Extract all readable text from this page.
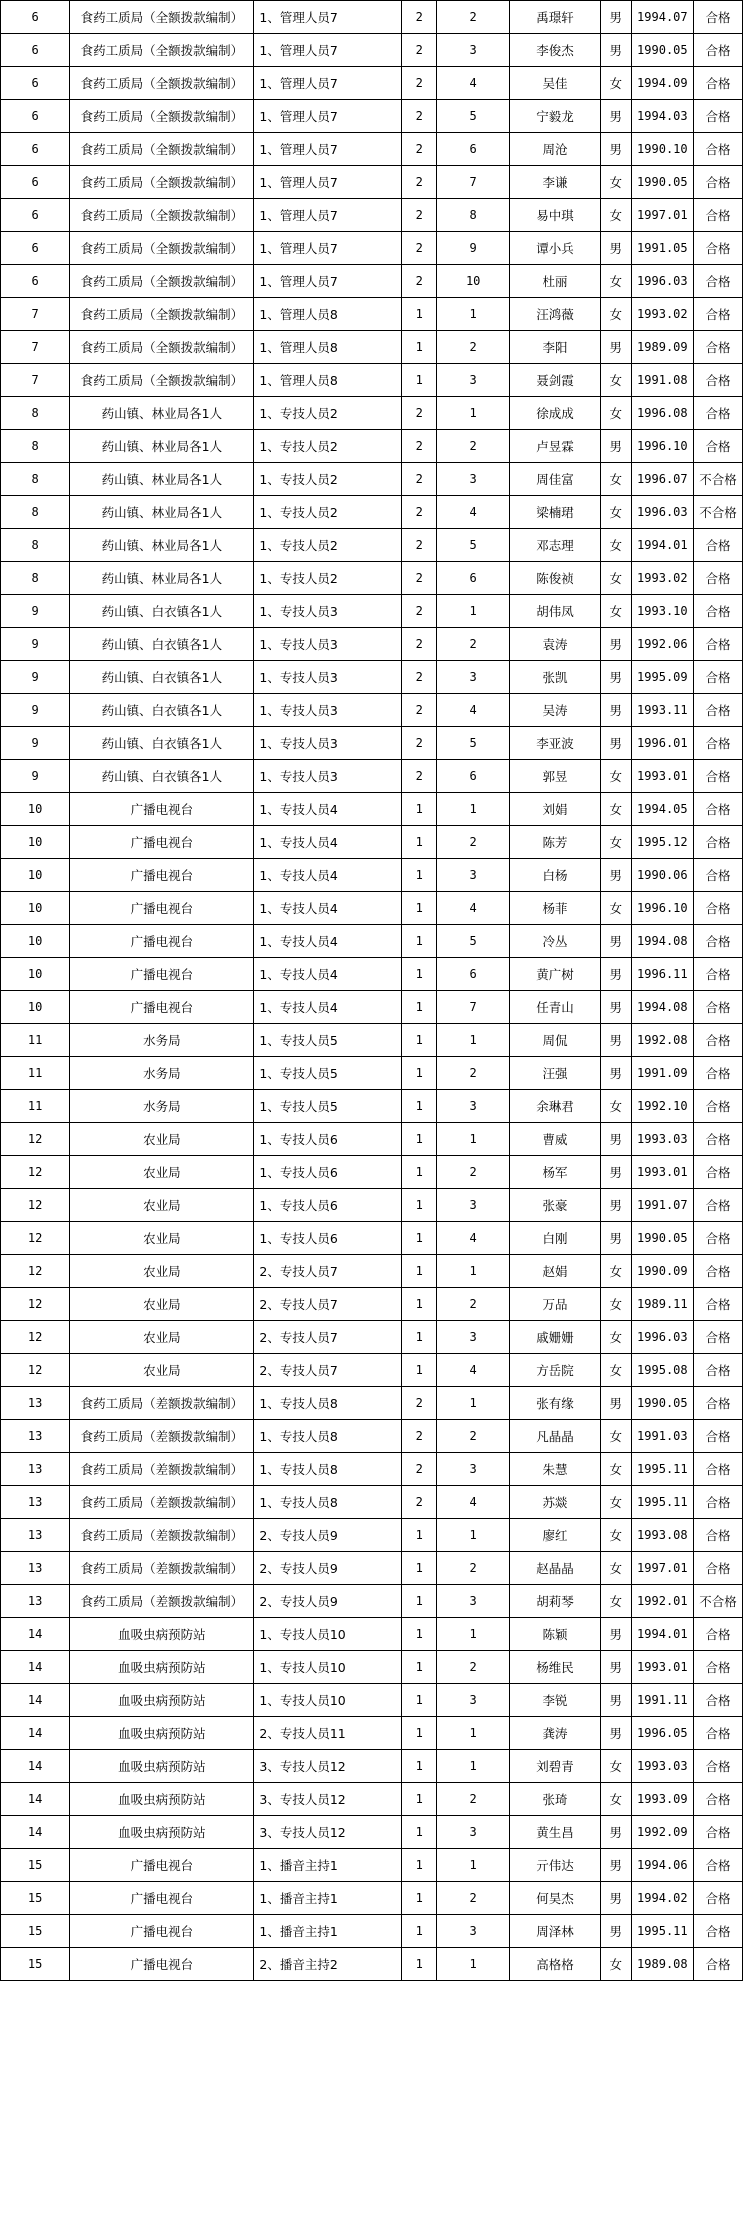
6	食药工质局（全额拨款编制）	1、管理人员7	2	2	禹璟轩	男	1994.07	合格
6	食药工质局（全额拨款编制）	1、管理人员7	2	3	李俊杰	男	1990.05	合格
6	食药工质局（全额拨款编制）	1、管理人员7	2	4	吴佳	女	1994.09	合格
6	食药工质局（全额拨款编制）	1、管理人员7	2	5	宁毅龙	男	1994.03	合格
6	食药工质局（全额拨款编制）	1、管理人员7	2	6	周沧	男	1990.10	合格
6	食药工质局（全额拨款编制）	1、管理人员7	2	7	李谦	女	1990.05	合格
6	食药工质局（全额拨款编制）	1、管理人员7	2	8	易中琪	女	1997.01	合格
6	食药工质局（全额拨款编制）	1、管理人员7	2	9	谭小兵	男	1991.05	合格
6	食药工质局（全额拨款编制）	1、管理人员7	2	10	杜丽	女	1996.03	合格
7	食药工质局（全额拨款编制）	1、管理人员8	1	1	汪鸿薇	女	1993.02	合格
7	食药工质局（全额拨款编制）	1、管理人员8	1	2	李阳	男	1989.09	合格
7	食药工质局（全额拨款编制）	1、管理人员8	1	3	聂剑霞	女	1991.08	合格
8	药山镇、林业局各1人	1、专技人员2	2	1	徐成成	女	1996.08	合格
8	药山镇、林业局各1人	1、专技人员2	2	2	卢昱霖	男	1996.10	合格
8	药山镇、林业局各1人	1、专技人员2	2	3	周佳富	女	1996.07	不合格
8	药山镇、林业局各1人	1、专技人员2	2	4	梁楠珺	女	1996.03	不合格
8	药山镇、林业局各1人	1、专技人员2	2	5	邓志理	女	1994.01	合格
8	药山镇、林业局各1人	1、专技人员2	2	6	陈俊祯	女	1993.02	合格
9	药山镇、白衣镇各1人	1、专技人员3	2	1	胡伟凤	女	1993.10	合格
9	药山镇、白衣镇各1人	1、专技人员3	2	2	袁涛	男	1992.06	合格
9	药山镇、白衣镇各1人	1、专技人员3	2	3	张凯	男	1995.09	合格
9	药山镇、白衣镇各1人	1、专技人员3	2	4	吴涛	男	1993.11	合格
9	药山镇、白衣镇各1人	1、专技人员3	2	5	李亚波	男	1996.01	合格
9	药山镇、白衣镇各1人	1、专技人员3	2	6	郭昱	女	1993.01	合格
10	广播电视台	1、专技人员4	1	1	刘娟	女	1994.05	合格
10	广播电视台	1、专技人员4	1	2	陈芳	女	1995.12	合格
10	广播电视台	1、专技人员4	1	3	白杨	男	1990.06	合格
10	广播电视台	1、专技人员4	1	4	杨菲	女	1996.10	合格
10	广播电视台	1、专技人员4	1	5	冷丛	男	1994.08	合格
10	广播电视台	1、专技人员4	1	6	黄广树	男	1996.11	合格
10	广播电视台	1、专技人员4	1	7	任青山	男	1994.08	合格
11	水务局	1、专技人员5	1	1	周侃	男	1992.08	合格
11	水务局	1、专技人员5	1	2	汪强	男	1991.09	合格
11	水务局	1、专技人员5	1	3	余琳君	女	1992.10	合格
12	农业局	1、专技人员6	1	1	曹威	男	1993.03	合格
12	农业局	1、专技人员6	1	2	杨军	男	1993.01	合格
12	农业局	1、专技人员6	1	3	张豪	男	1991.07	合格
12	农业局	1、专技人员6	1	4	白刚	男	1990.05	合格
12	农业局	2、专技人员7	1	1	赵娟	女	1990.09	合格
12	农业局	2、专技人员7	1	2	万品	女	1989.11	合格
12	农业局	2、专技人员7	1	3	戚姗姗	女	1996.03	合格
12	农业局	2、专技人员7	1	4	方岳院	女	1995.08	合格
13	食药工质局（差额拨款编制）	1、专技人员8	2	1	张有缘	男	1990.05	合格
13	食药工质局（差额拨款编制）	1、专技人员8	2	2	凡晶晶	女	1991.03	合格
13	食药工质局（差额拨款编制）	1、专技人员8	2	3	朱慧	女	1995.11	合格
13	食药工质局（差额拨款编制）	1、专技人员8	2	4	苏燚	女	1995.11	合格
13	食药工质局（差额拨款编制）	2、专技人员9	1	1	廖红	女	1993.08	合格
13	食药工质局（差额拨款编制）	2、专技人员9	1	2	赵晶晶	女	1997.01	合格
13	食药工质局（差额拨款编制）	2、专技人员9	1	3	胡莉琴	女	1992.01	不合格
14	血吸虫病预防站	1、专技人员10	1	1	陈颖	男	1994.01	合格
14	血吸虫病预防站	1、专技人员10	1	2	杨维民	男	1993.01	合格
14	血吸虫病预防站	1、专技人员10	1	3	李锐	男	1991.11	合格
14	血吸虫病预防站	2、专技人员11	1	1	龚涛	男	1996.05	合格
14	血吸虫病预防站	3、专技人员12	1	1	刘碧青	女	1993.03	合格
14	血吸虫病预防站	3、专技人员12	1	2	张琦	女	1993.09	合格
14	血吸虫病预防站	3、专技人员12	1	3	黄生昌	男	1992.09	合格
15	广播电视台	1、播音主持1	1	1	亓伟达	男	1994.06	合格
15	广播电视台	1、播音主持1	1	2	何昊杰	男	1994.02	合格
15	广播电视台	1、播音主持1	1	3	周泽林	男	1995.11	合格
15	广播电视台	2、播音主持2	1	1	高格格	女	1989.08	合格
